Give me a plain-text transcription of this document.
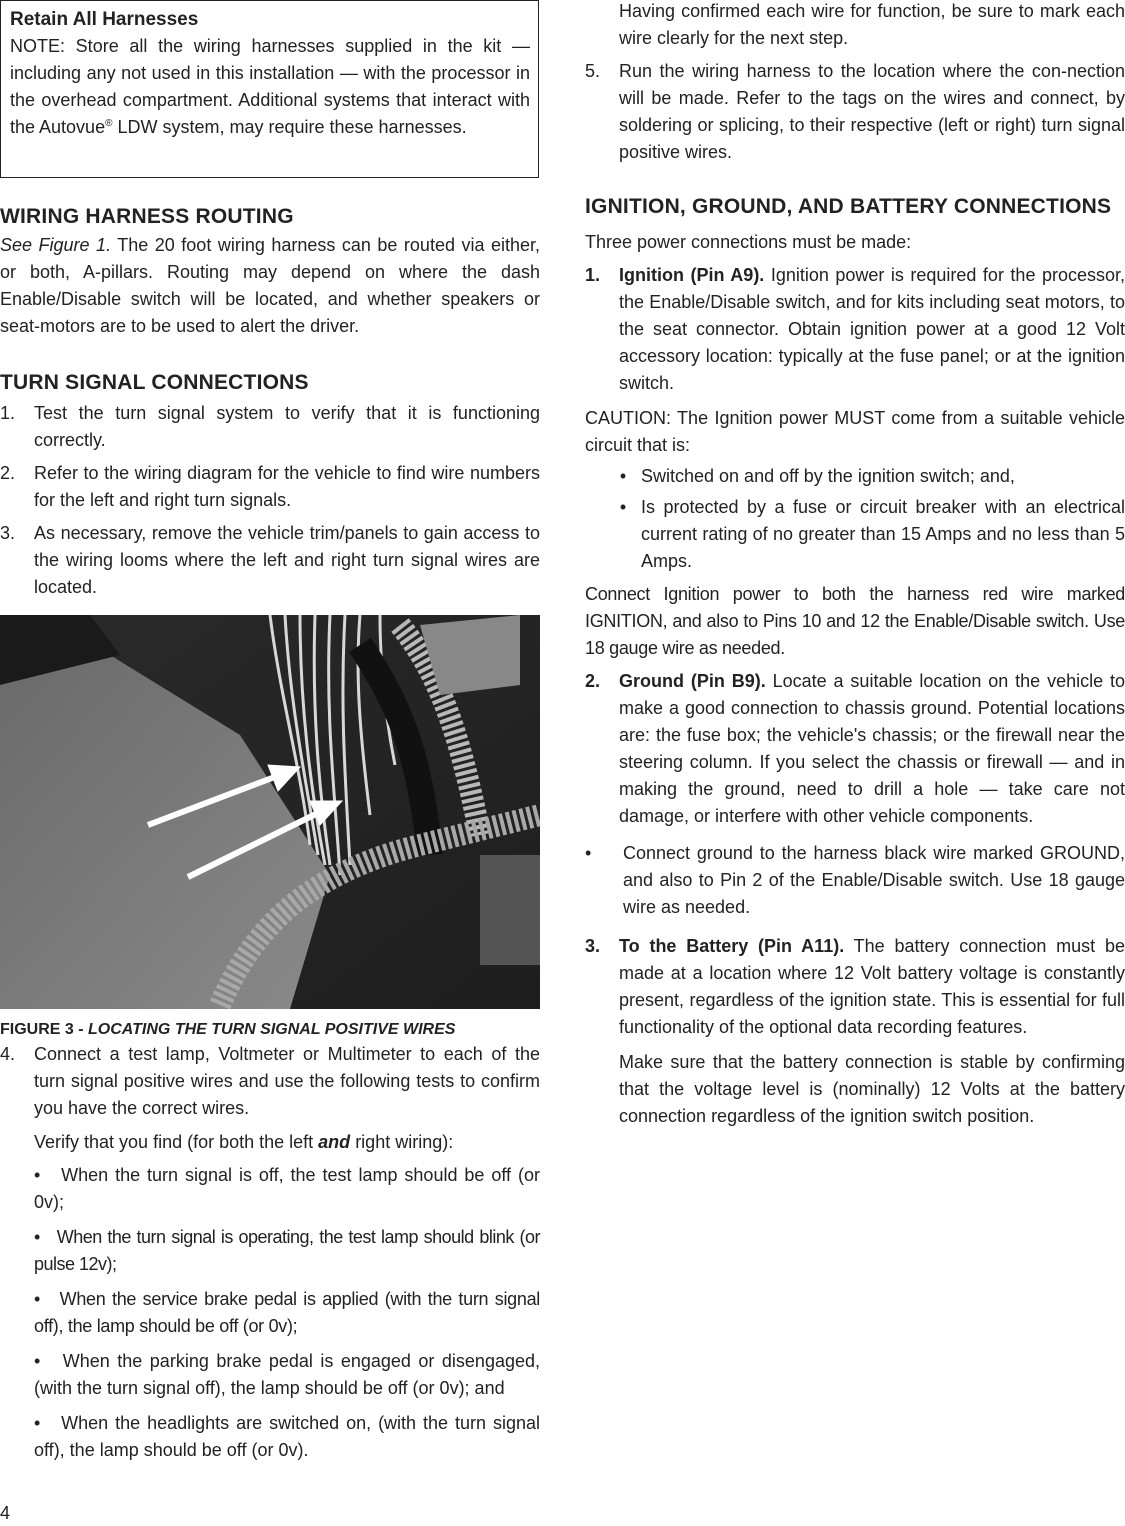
Retain All Harnesses

NOTE: Store all the wiring harnesses supplied in the kit — including any not used in this installation — with the processor in the overhead compartment. Additional systems that interact with the Autovue® LDW system, may require these harnesses.

WIRING HARNESS ROUTING

See Figure 1. The 20 foot wiring harness can be routed via either, or both, A-pillars. Routing may depend on where the dash Enable/Disable switch will be located, and whether speakers or seat-motors are to be used to alert the driver.

TURN SIGNAL CONNECTIONS
1.	Test the turn signal system to verify that it is functioning correctly.
2.	Refer to the wiring diagram for the vehicle to find wire numbers for the left and right turn signals.
3.	As necessary, remove the vehicle trim/panels to gain access to the wiring looms where the left and right turn signal wires are located.
FIGURE 3 - LOCATING THE TURN SIGNAL POSITIVE WIRES
4.	Connect a test lamp, Voltmeter or Multimeter to each of the turn signal positive wires and use the following tests to confirm you have the correct wires.

Verify that you find (for both the left and right wiring):

•   When the turn signal is off, the test lamp should be off (or 0v);

•   When the turn signal is operating, the test lamp should blink (or pulse 12v);

•   When the service brake pedal is applied (with the turn signal off), the lamp should be off (or 0v);

•   When the parking brake pedal is engaged or disengaged, (with the turn signal off), the lamp should be off (or 0v); and

•   When the headlights are switched on, (with the turn signal off), the lamp should be off (or 0v).

Having confirmed each wire for function, be sure to mark each wire clearly for the next step.

5.	Run the wiring harness to the location where the con-nection will be made. Refer to the tags on the wires and connect, by soldering or splicing, to their respective (left or right) turn signal positive wires.
IGNITION, GROUND, AND BATTERY CONNECTIONS

Three power connections must be made:

1.	Ignition (Pin A9). Ignition power is required for the processor, the Enable/Disable switch, and for kits including seat motors, to the seat connector. Obtain ignition power at a good 12 Volt accessory location: typically at the fuse panel; or at the ignition switch.

CAUTION: The Ignition power MUST come from a suitable vehicle circuit that is:

• Switched on and off by the ignition switch; and,
• Is protected by a fuse or circuit breaker with an electrical current rating of no greater than 15 Amps and no less than 5 Amps.

Connect Ignition power to both the harness red wire marked IGNITION, and also to Pins 10 and 12 the Enable/Disable switch. Use 18 gauge wire as needed.

2.	Ground (Pin B9). Locate a suitable location on the vehicle to make a good connection to chassis ground. Potential locations are: the fuse box; the vehicle's chassis; or the firewall near the steering column. If you select the chassis or firewall — and in making the ground, need to drill a hole — take care not damage, or interfere with other vehicle components.
•	Connect ground to the harness black wire marked GROUND, and also to Pin 2 of the Enable/Disable switch. Use 18 gauge wire as needed.
3.	To the Battery (Pin A11). The battery connection must be made at a location where 12 Volt battery voltage is constantly present, regardless of the ignition state. This is essential for full functionality of the optional data recording features.

Make sure that the battery connection is stable by confirming that the voltage level is (nominally) 12 Volts at the battery connection regardless of the ignition switch position.

4
